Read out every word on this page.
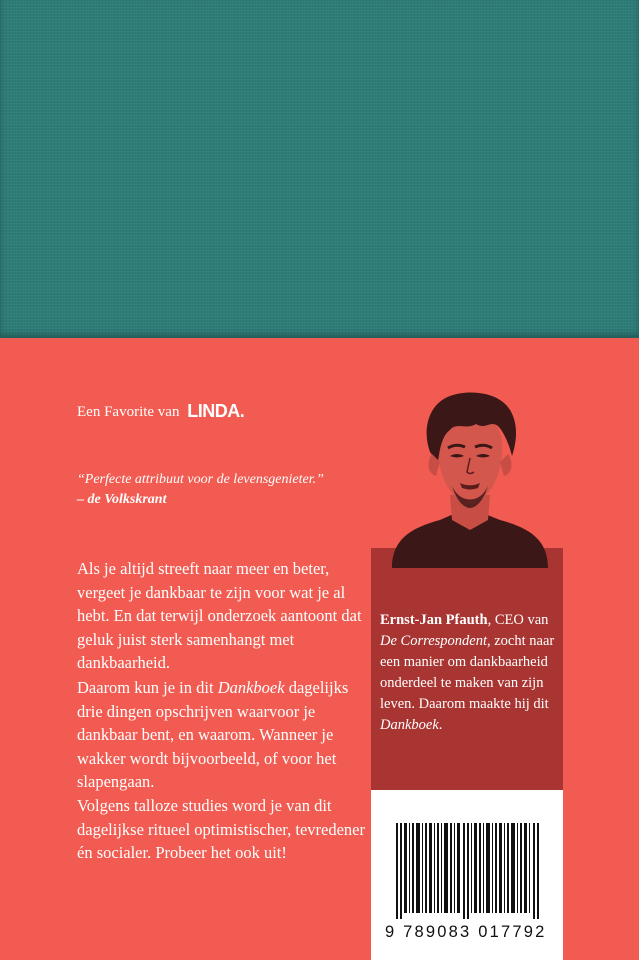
Een Favorite van LINDA.
“Perfecte attribuut voor de levensgenieter.”
– de Volkskrant

Als je altijd streeft naar meer en beter, vergeet je dankbaar te zijn voor wat je al hebt. En dat terwijl onderzoek aantoont dat geluk juist sterk samenhangt met dankbaarheid.

Daarom kun je in dit Dankboek dagelijks drie dingen opschrijven waarvoor je dankbaar bent, en waarom. Wanneer je wakker wordt bijvoorbeeld, of voor het slapengaan.

Volgens talloze studies word je van dit dagelijkse ritueel optimistischer, tevredener én socialer. Probeer het ook uit!

Ernst-Jan Pfauth, CEO van De Correspondent, zocht naar een manier om dankbaarheid onderdeel te maken van zijn leven. Daarom maakte hij dit Dankboek.

9 789083 017792
